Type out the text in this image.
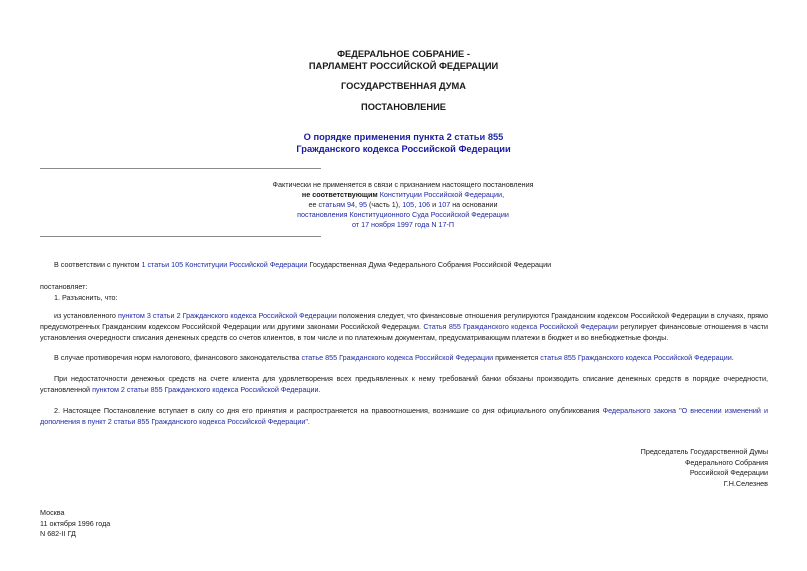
ФЕДЕРАЛЬНОЕ СОБРАНИЕ -
ПАРЛАМЕНТ РОССИЙСКОЙ ФЕДЕРАЦИИ
ГОСУДАРСТВЕННАЯ ДУМА
ПОСТАНОВЛЕНИЕ
О порядке применения пункта 2 статьи 855
Гражданского кодекса Российской Федерации
Фактически не применяется в связи с признанием настоящего постановления
не соответствующим Конституции Российской Федерации,
ее статьям 94, 95 (часть 1), 105, 106 и 107 на основании
постановления Конституционного Суда Российской Федерации
от 17 ноября 1997 года N 17-П
В соответствии с пунктом 1 статьи 105 Конституции Российской Федерации Государственная Дума Федерального Собрания Российской Федерации
постановляет:
1. Разъяснить, что:
из установленного пунктом 3 статьи 2 Гражданского кодекса Российской Федерации положения следует, что финансовые отношения регулируются Гражданским кодексом Российской Федерации в случаях, прямо предусмотренных Гражданским кодексом Российской Федерации или другими законами Российской Федерации. Статья 855 Гражданского кодекса Российской Федерации регулирует финансовые отношения в части установления очередности списания денежных средств со счетов клиентов, в том числе и по платежным документам, предусматривающим платежи в бюджет и во внебюджетные фонды.
В случае противоречия норм налогового, финансового законодательства статье 855 Гражданского кодекса Российской Федерации применяется статья 855 Гражданского кодекса Российской Федерации.
При недостаточности денежных средств на счете клиента для удовлетворения всех предъявленных к нему требований банки обязаны производить списание денежных средств в порядке очередности, установленной пунктом 2 статьи 855 Гражданского кодекса Российской Федерации.
2. Настоящее Постановление вступает в силу со дня его принятия и распространяется на правоотношения, возникшие со дня официального опубликования Федерального закона "О внесении изменений и дополнения в пункт 2 статьи 855 Гражданского кодекса Российской Федерации".
Председатель Государственной Думы
Федерального Собрания
Российской Федерации
Г.Н.Селезнев
Москва
11 октября 1996 года
N 682-II ГД
